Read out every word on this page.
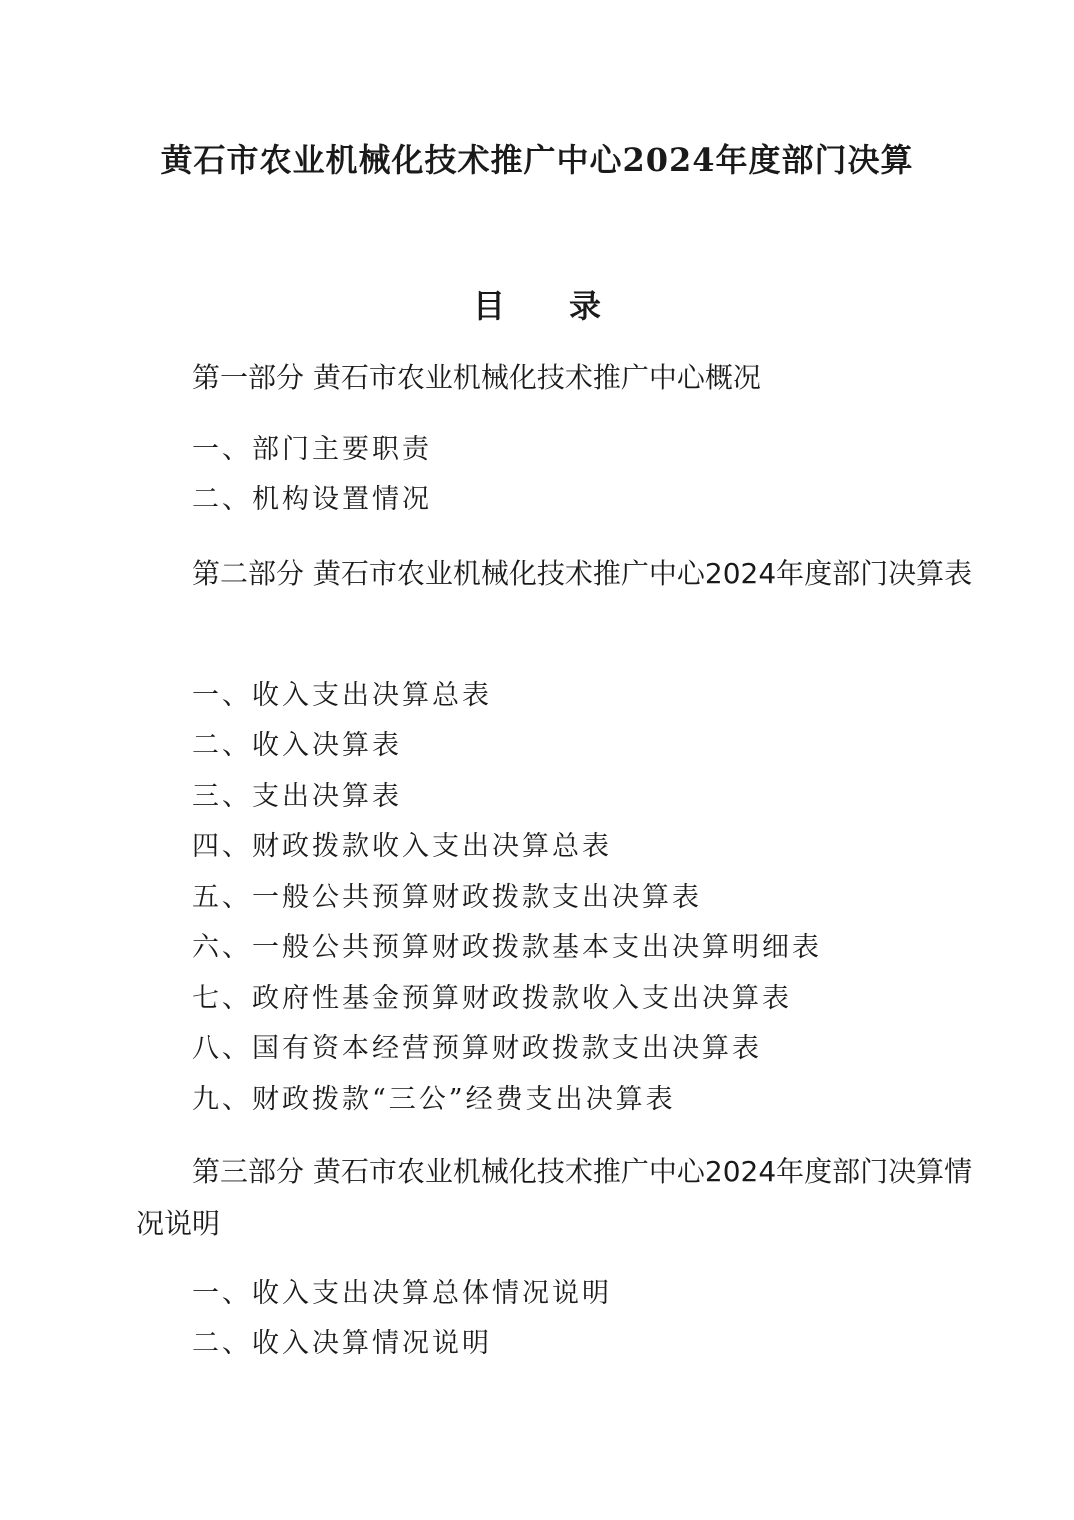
黄石市农业机械化技术推广中心2024年度部门决算
目 录
第一部分 黄石市农业机械化技术推广中心概况
一、部门主要职责
二、机构设置情况
第二部分 黄石市农业机械化技术推广中心2024年度部门决算表
一、收入支出决算总表
二、收入决算表
三、支出决算表
四、财政拨款收入支出决算总表
五、一般公共预算财政拨款支出决算表
六、一般公共预算财政拨款基本支出决算明细表
七、政府性基金预算财政拨款收入支出决算表
八、国有资本经营预算财政拨款支出决算表
九、财政拨款“三公”经费支出决算表
第三部分 黄石市农业机械化技术推广中心2024年度部门决算情况说明
一、收入支出决算总体情况说明
二、收入决算情况说明
